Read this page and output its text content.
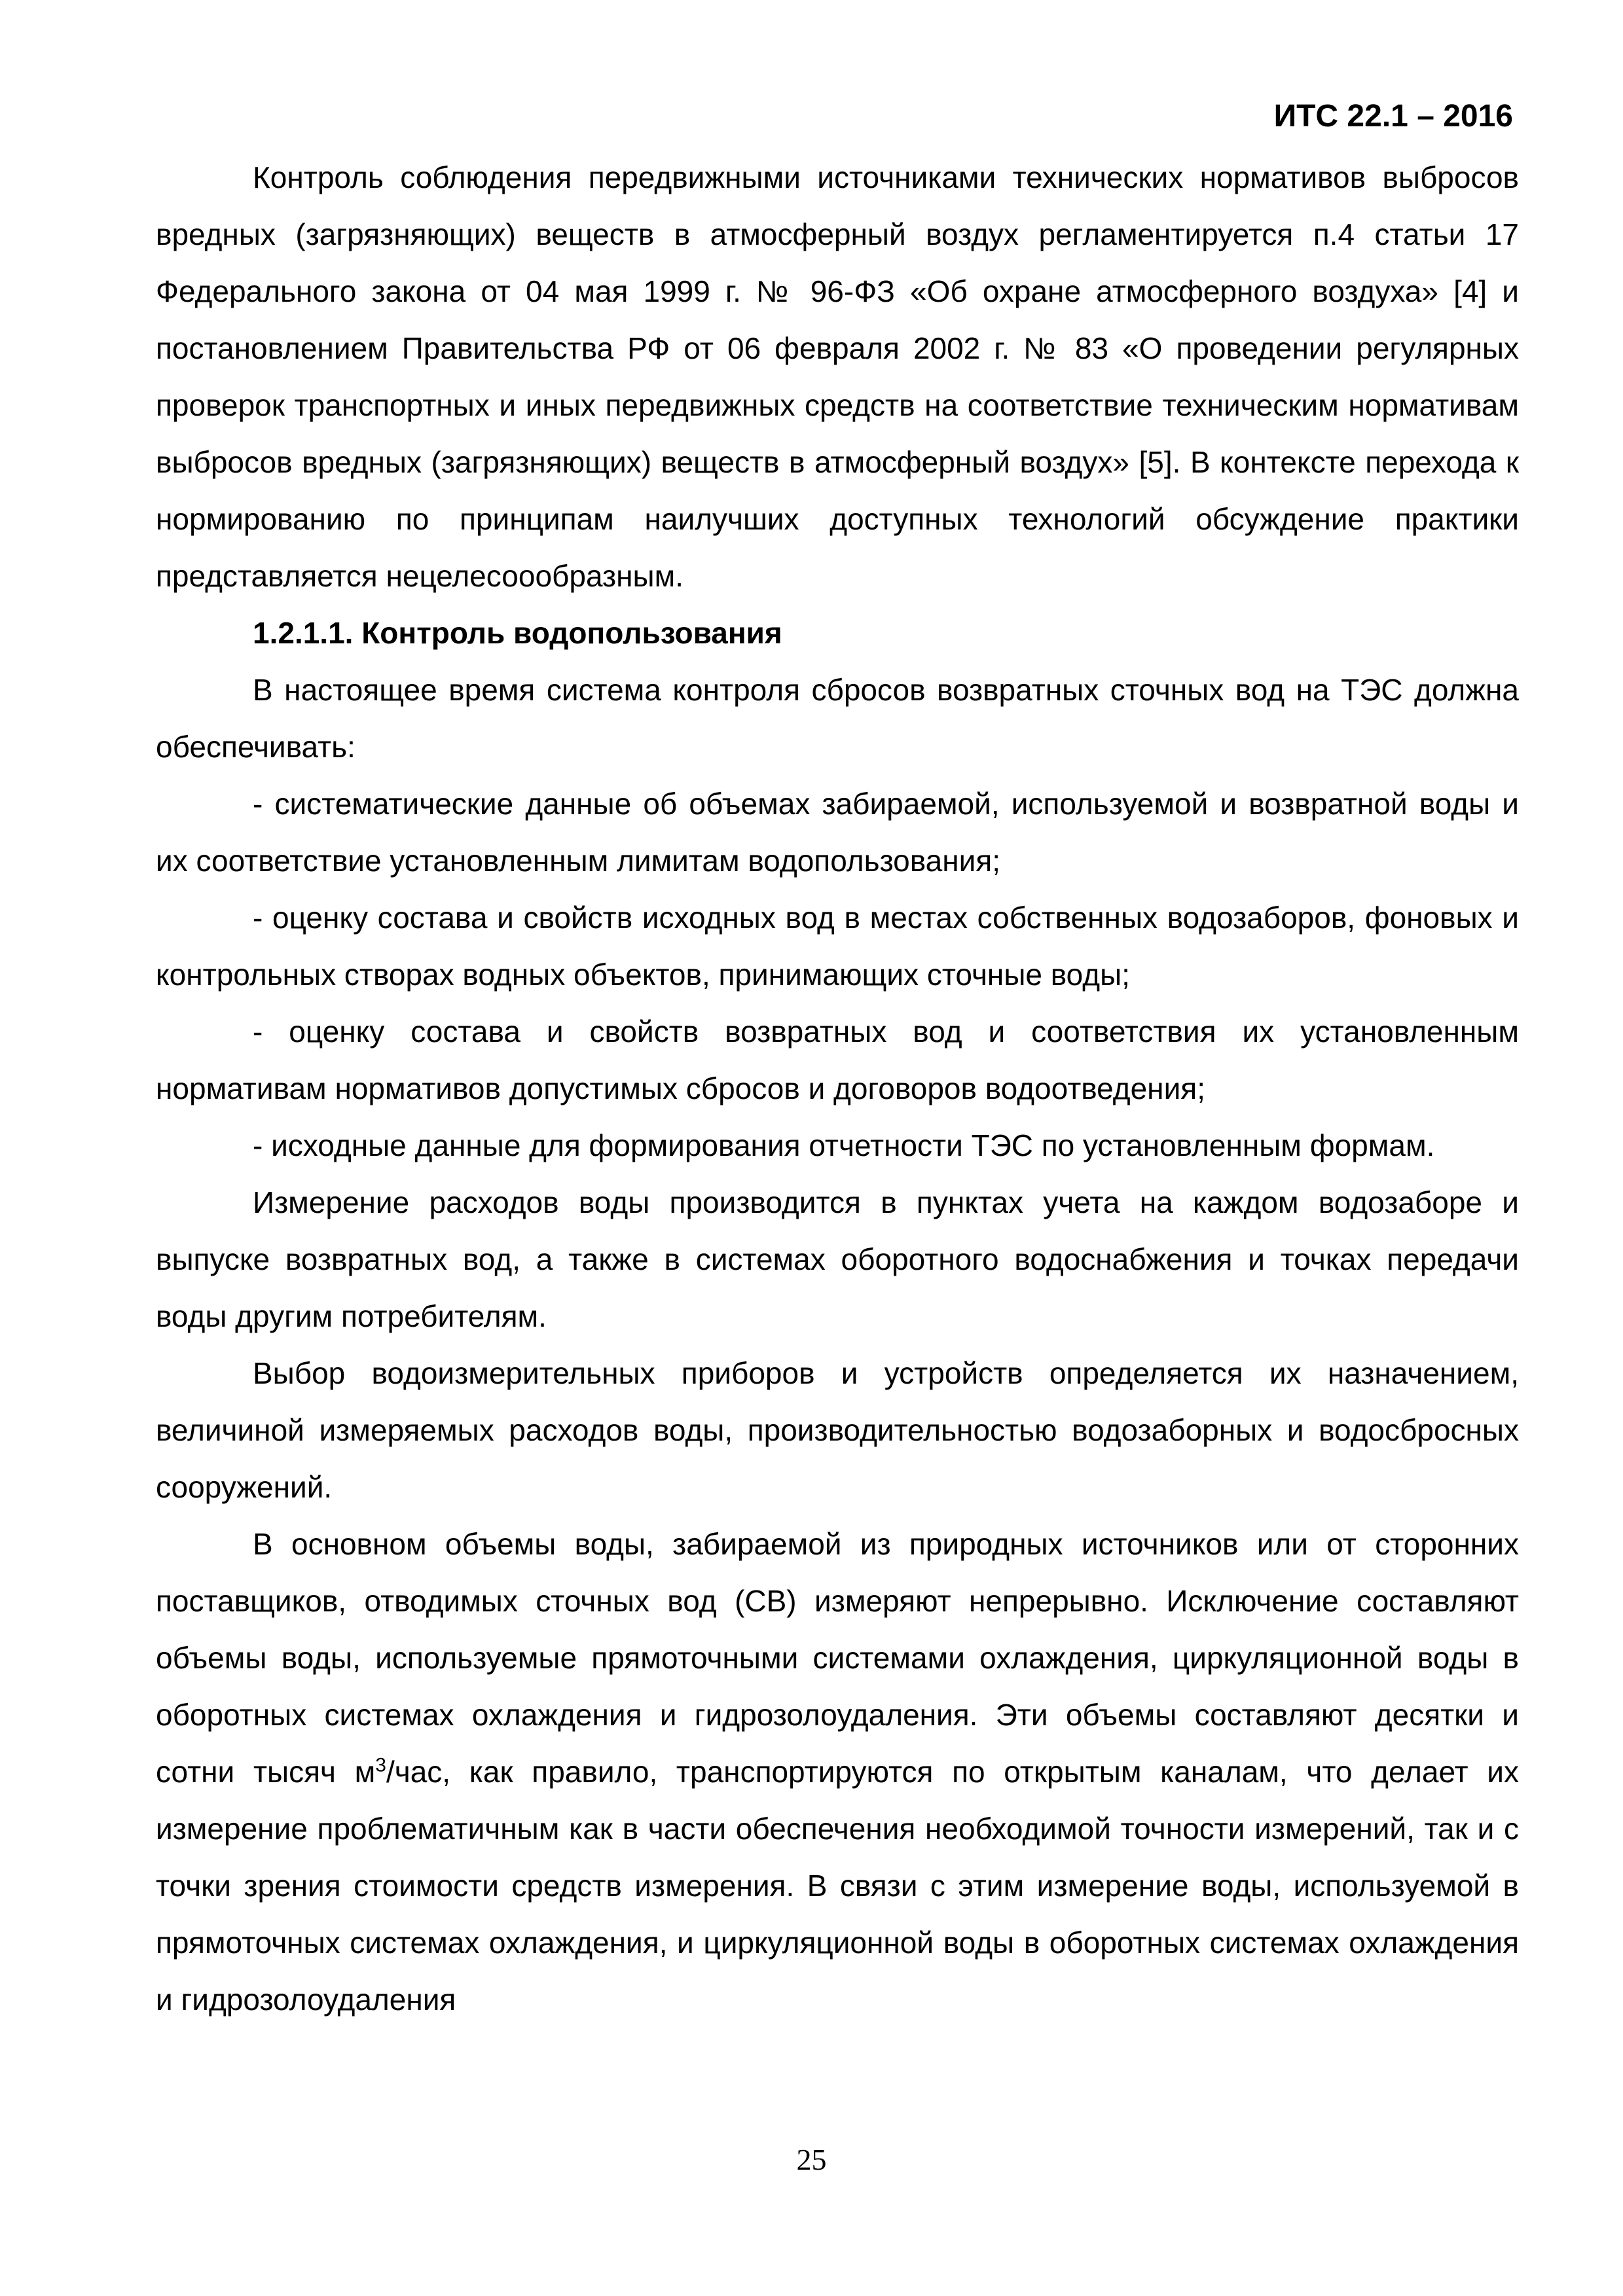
ИТС 22.1 – 2016

Контроль соблюдения передвижными источниками технических нормативов выбросов вредных (загрязняющих) веществ в атмосферный воздух регламентируется п.4 статьи 17 Федерального закона от 04 мая 1999 г. № 96-ФЗ «Об охране атмосферного воздуха» [4] и постановлением Правительства РФ от 06 февраля 2002 г. № 83 «О проведении регулярных проверок транспортных и иных передвижных средств на соответствие техническим нормативам выбросов вредных (загрязняющих) веществ в атмосферный воздух» [5]. В контексте перехода к нормированию по принципам наилучших доступных технологий обсуждение практики представляется нецелесоообразным.

1.2.1.1. Контроль водопользования

В настоящее время система контроля сбросов возвратных сточных вод на ТЭС должна обеспечивать:

- систематические данные об объемах забираемой, используемой и возвратной воды и их соответствие установленным лимитам водопользования;

- оценку состава и свойств исходных вод в местах собственных водозаборов, фоновых и контрольных створах водных объектов, принимающих сточные воды;

- оценку состава и свойств возвратных вод и соответствия их установленным нормативам нормативов допустимых сбросов и договоров водоотведения;

- исходные данные для формирования отчетности ТЭС по установленным формам.

Измерение расходов воды производится в пунктах учета на каждом водозаборе и выпуске возвратных вод, а также в системах оборотного водоснабжения и точках передачи воды другим потребителям.

Выбор водоизмерительных приборов и устройств определяется их назначением, величиной измеряемых расходов воды, производительностью водозаборных и водосбросных сооружений.

В основном объемы воды, забираемой из природных источников или от сторонних поставщиков, отводимых сточных вод (СВ) измеряют непрерывно. Исключение составляют объемы воды, используемые прямоточными системами охлаждения, циркуляционной воды в оборотных системах охлаждения и гидрозолоудаления. Эти объемы составляют десятки и сотни тысяч $м^3$/час, как правило, транспортируются по открытым каналам, что делает их измерение проблематичным как в части обеспечения необходимой точности измерений, так и с точки зрения стоимости средств измерения. В связи с этим измерение воды, используемой в прямоточных системах охлаждения, и циркуляционной воды в оборотных системах охлаждения и гидрозолоудаления

25
